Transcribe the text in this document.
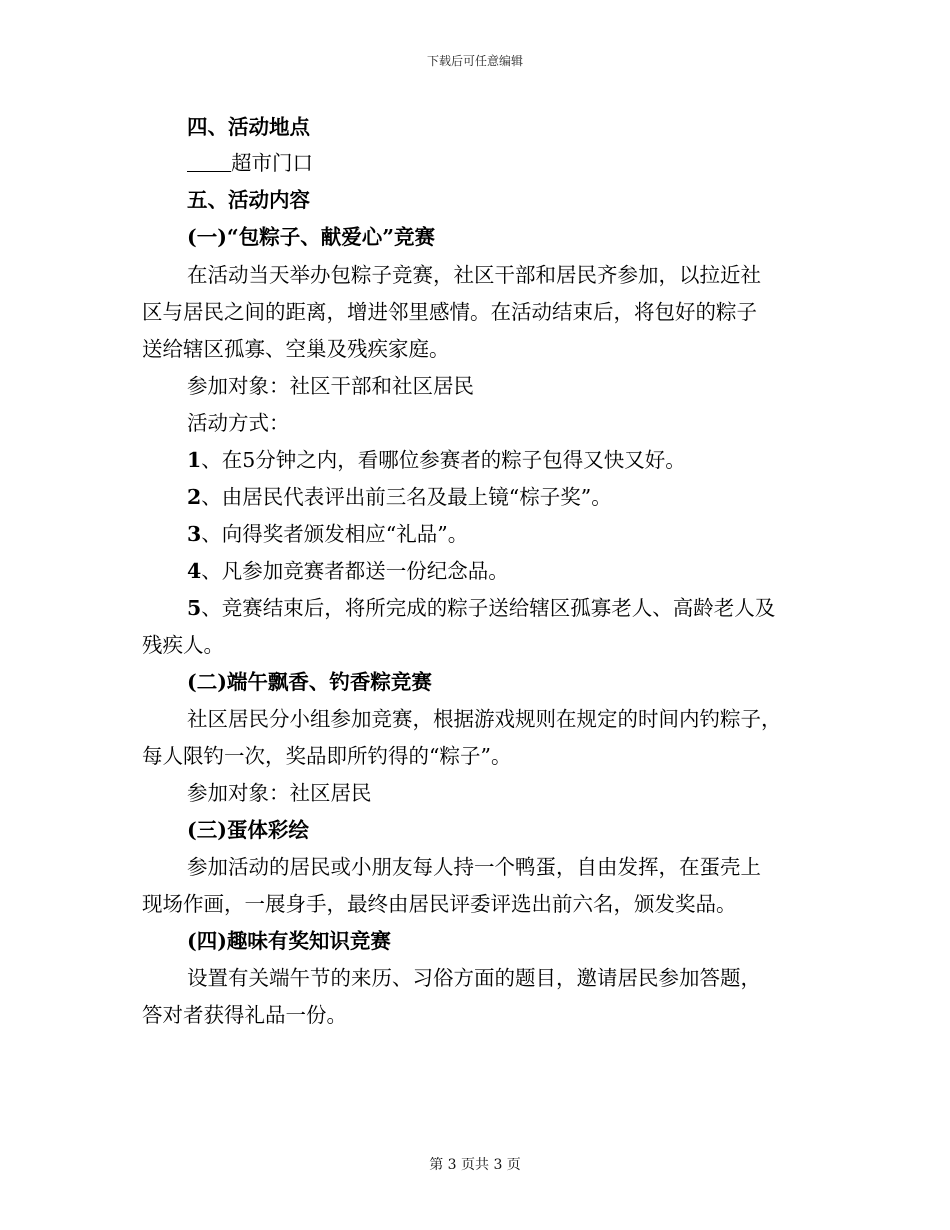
下载后可任意编辑
四、活动地点
超市门口
五、活动内容
(一)“包粽子、献爱心”竞赛
在活动当天举办包粽子竞赛，社区干部和居民齐参加，以拉近社
区与居民之间的距离，增进邻里感情。在活动结束后，将包好的粽子
送给辖区孤寡、空巢及残疾家庭。
参加对象：社区干部和社区居民
活动方式：
1、在5分钟之内，看哪位参赛者的粽子包得又快又好。
2、由居民代表评出前三名及最上镜“棕子奖”。
3、向得奖者颁发相应“礼品”。
4、凡参加竞赛者都送一份纪念品。
5、竞赛结束后，将所完成的粽子送给辖区孤寡老人、高龄老人及
残疾人。
(二)端午飘香、钓香粽竞赛
社区居民分小组参加竞赛，根据游戏规则在规定的时间内钓粽子，
每人限钓一次，奖品即所钓得的“粽子”。
参加对象：社区居民
(三)蛋体彩绘
参加活动的居民或小朋友每人持一个鸭蛋，自由发挥，在蛋壳上
现场作画，一展身手，最终由居民评委评选出前六名，颁发奖品。
(四)趣味有奖知识竞赛
设置有关端午节的来历、习俗方面的题目，邀请居民参加答题，
答对者获得礼品一份。
第 3 页共 3 页
